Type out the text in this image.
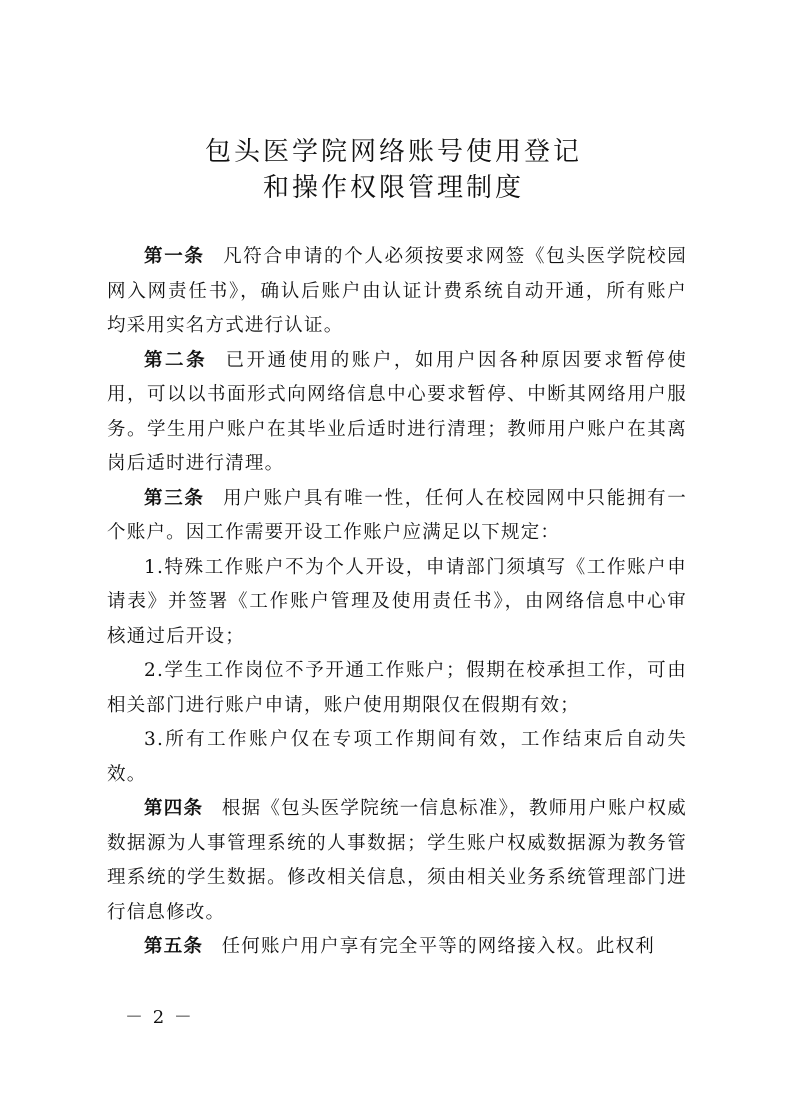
包头医学院网络账号使用登记

和操作权限管理制度

第一条 凡符合申请的个人必须按要求网签《包头医学院校园网入网责任书》，确认后账户由认证计费系统自动开通，所有账户均采用实名方式进行认证。

第二条 已开通使用的账户，如用户因各种原因要求暂停使用，可以以书面形式向网络信息中心要求暂停、中断其网络用户服务。学生用户账户在其毕业后适时进行清理；教师用户账户在其离岗后适时进行清理。

第三条 用户账户具有唯一性，任何人在校园网中只能拥有一个账户。因工作需要开设工作账户应满足以下规定：

1.特殊工作账户不为个人开设，申请部门须填写《工作账户申请表》并签署《工作账户管理及使用责任书》，由网络信息中心审核通过后开设；

2.学生工作岗位不予开通工作账户；假期在校承担工作，可由相关部门进行账户申请，账户使用期限仅在假期有效；

3.所有工作账户仅在专项工作期间有效，工作结束后自动失效。

第四条 根据《包头医学院统一信息标准》，教师用户账户权威数据源为人事管理系统的人事数据；学生账户权威数据源为教务管理系统的学生数据。修改相关信息，须由相关业务系统管理部门进行信息修改。

第五条 任何账户用户享有完全平等的网络接入权。此权利

－ 2 －
